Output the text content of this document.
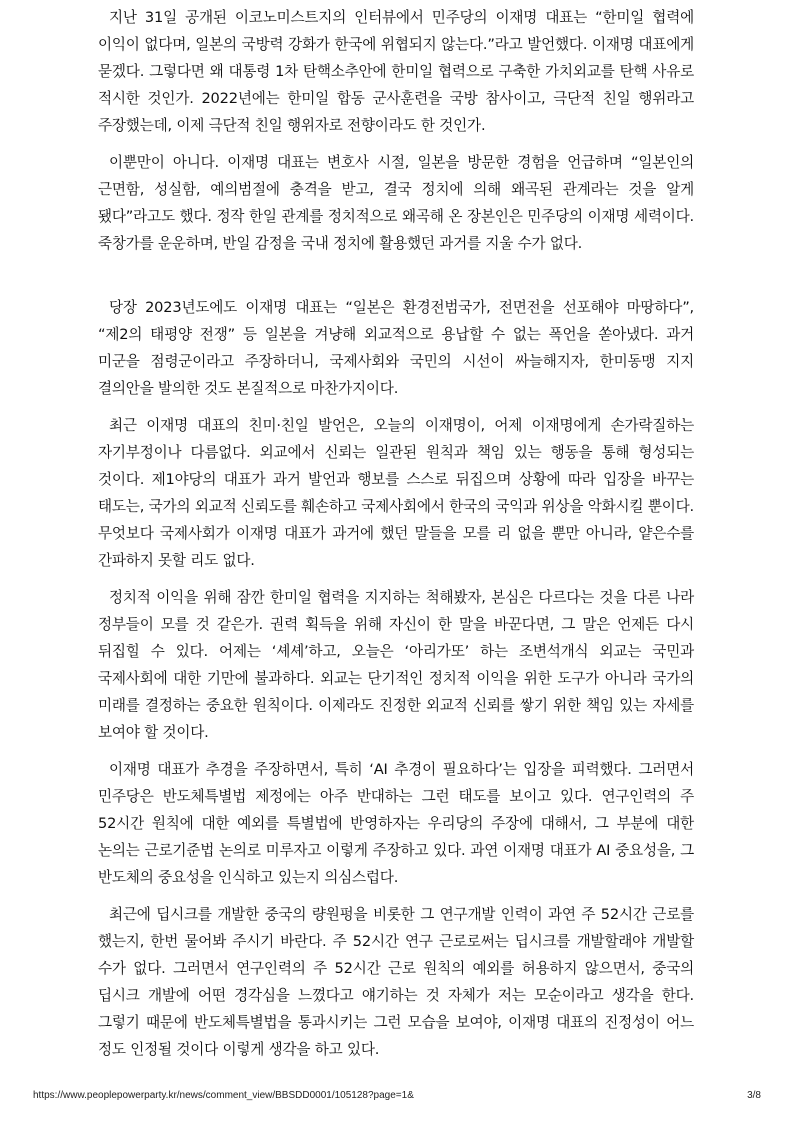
지난 31일 공개된 이코노미스트지의 인터뷰에서 민주당의 이재명 대표는 “한미일 협력에 이익이 없다며, 일본의 국방력 강화가 한국에 위협되지 않는다.”라고 발언했다. 이재명 대표에게 묻겠다. 그렇다면 왜 대통령 1차 탄핵소추안에 한미일 협력으로 구축한 가치외교를 탄핵 사유로 적시한 것인가. 2022년에는 한미일 합동 군사훈련을 국방 참사이고, 극단적 친일 행위라고 주장했는데, 이제 극단적 친일 행위자로 전향이라도 한 것인가.

이뿐만이 아니다. 이재명 대표는 변호사 시절, 일본을 방문한 경험을 언급하며 “일본인의 근면함, 성실함, 예의범절에 충격을 받고, 결국 정치에 의해 왜곡된 관계라는 것을 알게 됐다”라고도 했다. 정작 한일 관계를 정치적으로 왜곡해 온 장본인은 민주당의 이재명 세력이다. 죽창가를 운운하며, 반일 감정을 국내 정치에 활용했던 과거를 지울 수가 없다.

당장 2023년도에도 이재명 대표는 “일본은 환경전범국가, 전면전을 선포해야 마땅하다”, “제2의 태평양 전쟁” 등 일본을 겨냥해 외교적으로 용납할 수 없는 폭언을 쏟아냈다. 과거 미군을 점령군이라고 주장하더니, 국제사회와 국민의 시선이 싸늘해지자, 한미동맹 지지 결의안을 발의한 것도 본질적으로 마찬가지이다.

최근 이재명 대표의 친미·친일 발언은, 오늘의 이재명이, 어제 이재명에게 손가락질하는 자기부정이나 다름없다. 외교에서 신뢰는 일관된 원칙과 책임 있는 행동을 통해 형성되는 것이다. 제1야당의 대표가 과거 발언과 행보를 스스로 뒤집으며 상황에 따라 입장을 바꾸는 태도는, 국가의 외교적 신뢰도를 훼손하고 국제사회에서 한국의 국익과 위상을 악화시킬 뿐이다. 무엇보다 국제사회가 이재명 대표가 과거에 했던 말들을 모를 리 없을 뿐만 아니라, 얕은수를 간파하지 못할 리도 없다.

정치적 이익을 위해 잠깐 한미일 협력을 지지하는 척해봤자, 본심은 다르다는 것을 다른 나라 정부들이 모를 것 같은가. 권력 획득을 위해 자신이 한 말을 바꾼다면, 그 말은 언제든 다시 뒤집힐 수 있다. 어제는 ‘셰셰’하고, 오늘은 ‘아리가또’ 하는 조변석개식 외교는 국민과 국제사회에 대한 기만에 불과하다. 외교는 단기적인 정치적 이익을 위한 도구가 아니라 국가의 미래를 결정하는 중요한 원칙이다. 이제라도 진정한 외교적 신뢰를 쌓기 위한 책임 있는 자세를 보여야 할 것이다.

이재명 대표가 추경을 주장하면서, 특히 ‘AI 추경이 필요하다’는 입장을 피력했다. 그러면서 민주당은 반도체특별법 제정에는 아주 반대하는 그런 태도를 보이고 있다. 연구인력의 주 52시간 원칙에 대한 예외를 특별법에 반영하자는 우리당의 주장에 대해서, 그 부분에 대한 논의는 근로기준법 논의로 미루자고 이렇게 주장하고 있다. 과연 이재명 대표가 AI 중요성을, 그 반도체의 중요성을 인식하고 있는지 의심스럽다.

최근에 딥시크를 개발한 중국의 량원펑을 비롯한 그 연구개발 인력이 과연 주 52시간 근로를 했는지, 한번 물어봐 주시기 바란다. 주 52시간 연구 근로로써는 딥시크를 개발할래야 개발할 수가 없다. 그러면서 연구인력의 주 52시간 근로 원칙의 예외를 허용하지 않으면서, 중국의 딥시크 개발에 어떤 경각심을 느꼈다고 얘기하는 것 자체가 저는 모순이라고 생각을 한다. 그렇기 때문에 반도체특별법을 통과시키는 그런 모습을 보여야, 이재명 대표의 진정성이 어느 정도 인정될 것이다 이렇게 생각을 하고 있다.

https://www.peoplepowerparty.kr/news/comment_view/BBSDD0001/105128?page=1&	3/8
